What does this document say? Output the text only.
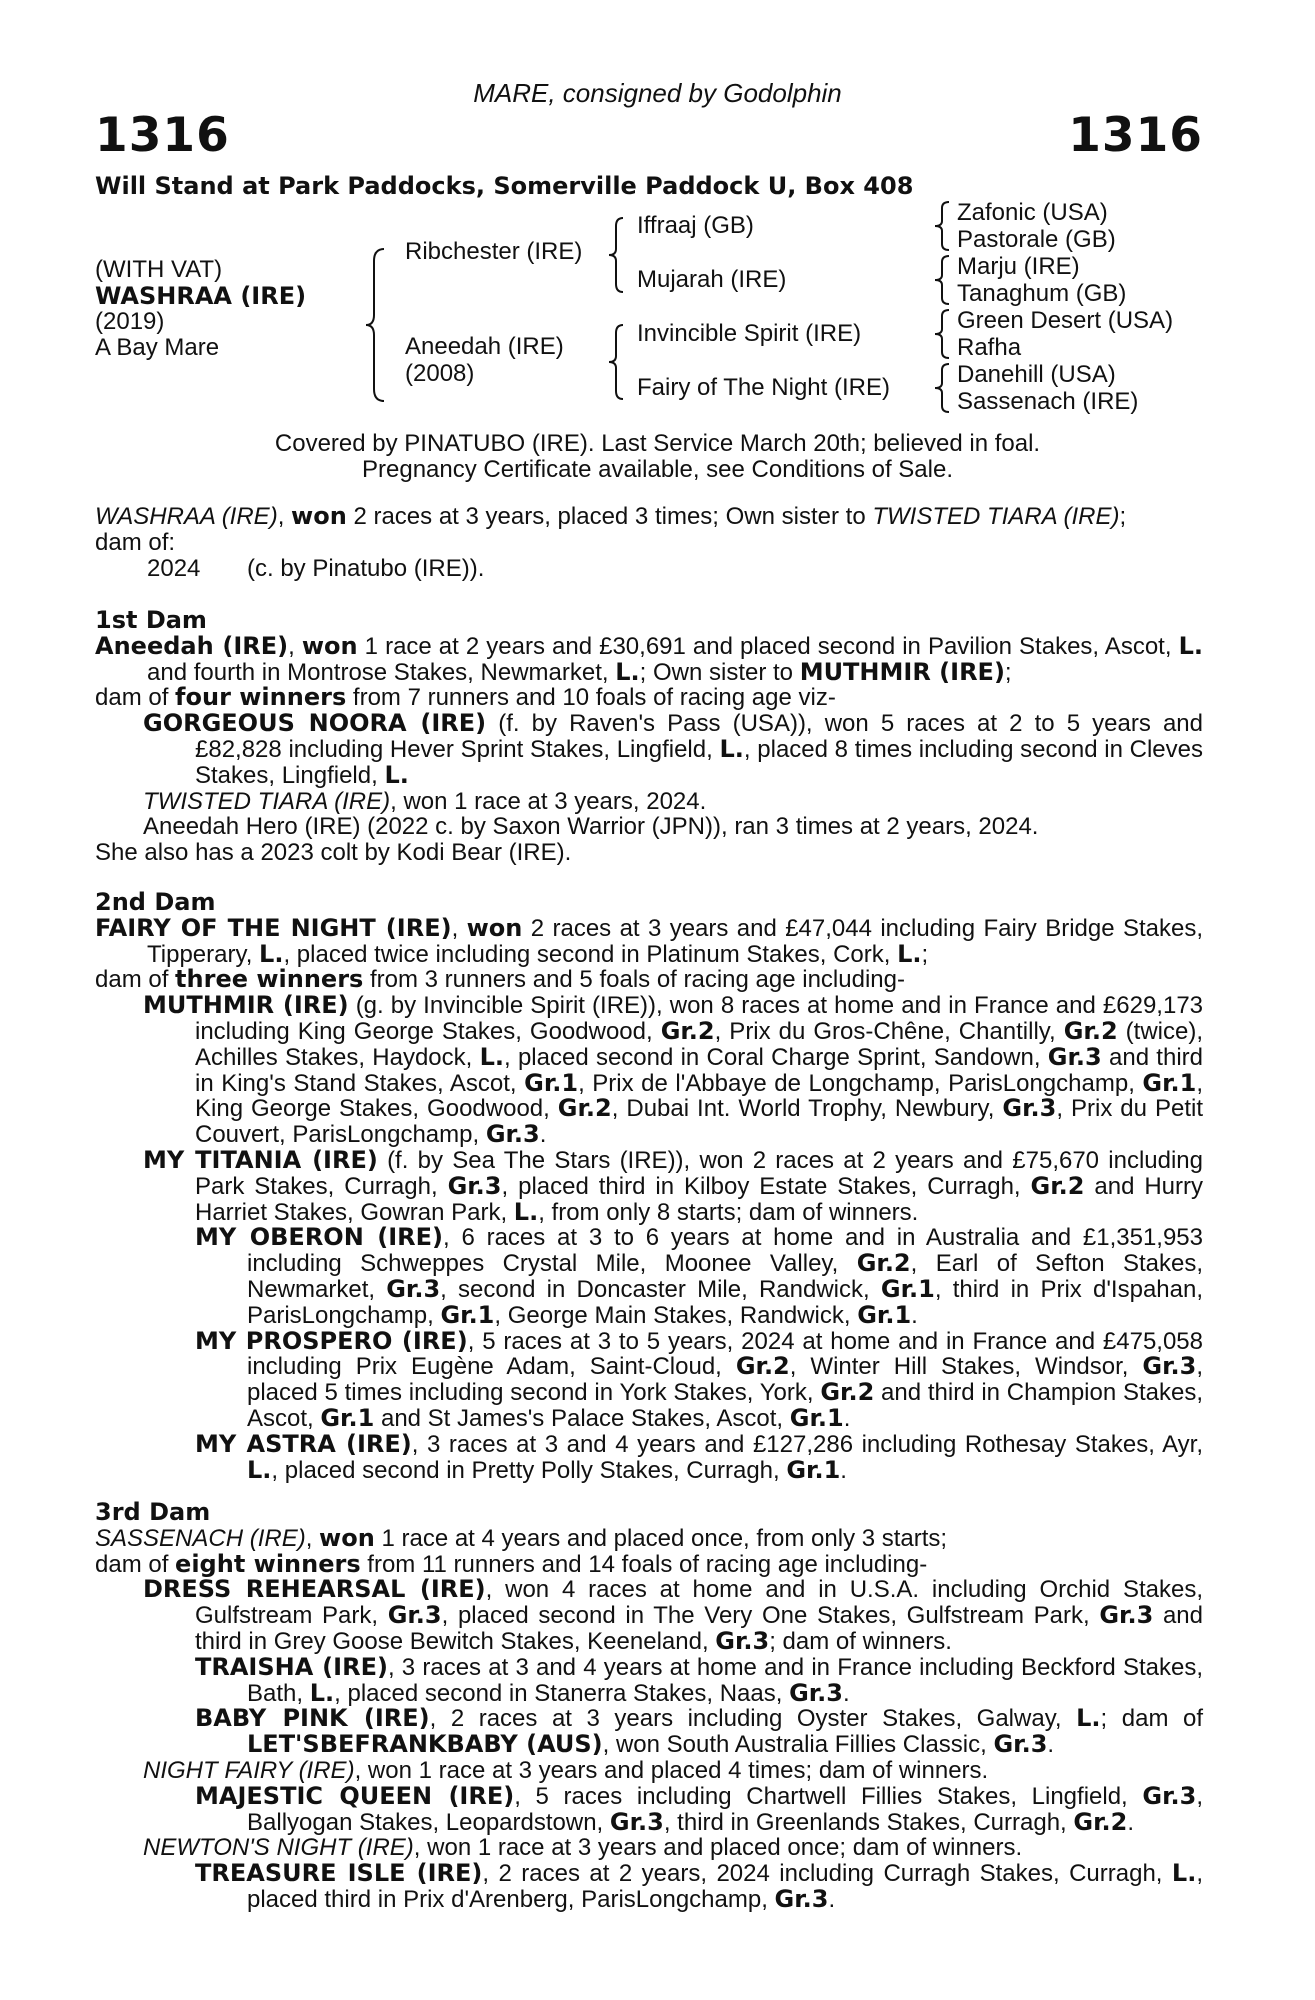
MARE, consigned by Godolphin
1316	1316
Will Stand at Park Paddocks, Somerville Paddock U, Box 408
(WITH VAT)
WASHRAA (IRE)
(2019)
A Bay Mare
Ribchester (IRE)
Aneedah (IRE)
(2008)
Iffraaj (GB)
Mujarah (IRE)
Invincible Spirit (IRE)
Fairy of The Night (IRE)
Zafonic (USA)
Pastorale (GB)
Marju (IRE)
Tanaghum (GB)
Green Desert (USA)
Rafha
Danehill (USA)
Sassenach (IRE)
Covered by PINATUBO (IRE). Last Service March 20th; believed in foal.
Pregnancy Certificate available, see Conditions of Sale.

WASHRAA (IRE), won 2 races at 3 years, placed 3 times; Own sister to TWISTED TIARA (IRE);

dam of:

2024 (c. by Pinatubo (IRE)).

1st Dam

Aneedah (IRE), won 1 race at 2 years and £30,691 and placed second in Pavilion Stakes, Ascot, L. and fourth in Montrose Stakes, Newmarket, L.; Own sister to MUTHMIR (IRE);

dam of four winners from 7 runners and 10 foals of racing age viz-

GORGEOUS NOORA (IRE) (f. by Raven's Pass (USA)), won 5 races at 2 to 5 years and £82,828 including Hever Sprint Stakes, Lingfield, L., placed 8 times including second in Cleves Stakes, Lingfield, L.

TWISTED TIARA (IRE), won 1 race at 3 years, 2024.

Aneedah Hero (IRE) (2022 c. by Saxon Warrior (JPN)), ran 3 times at 2 years, 2024.

She also has a 2023 colt by Kodi Bear (IRE).

2nd Dam

FAIRY OF THE NIGHT (IRE), won 2 races at 3 years and £47,044 including Fairy Bridge Stakes, Tipperary, L., placed twice including second in Platinum Stakes, Cork, L.;

dam of three winners from 3 runners and 5 foals of racing age including-

MUTHMIR (IRE) (g. by Invincible Spirit (IRE)), won 8 races at home and in France and £629,173 including King George Stakes, Goodwood, Gr.2, Prix du Gros-Chêne, Chantilly, Gr.2 (twice), Achilles Stakes, Haydock, L., placed second in Coral Charge Sprint, Sandown, Gr.3 and third in King's Stand Stakes, Ascot, Gr.1, Prix de l'Abbaye de Longchamp, ParisLongchamp, Gr.1, King George Stakes, Goodwood, Gr.2, Dubai Int. World Trophy, Newbury, Gr.3, Prix du Petit Couvert, ParisLongchamp, Gr.3.

MY TITANIA (IRE) (f. by Sea The Stars (IRE)), won 2 races at 2 years and £75,670 including Park Stakes, Curragh, Gr.3, placed third in Kilboy Estate Stakes, Curragh, Gr.2 and Hurry Harriet Stakes, Gowran Park, L., from only 8 starts; dam of winners.

MY OBERON (IRE), 6 races at 3 to 6 years at home and in Australia and £1,351,953 including Schweppes Crystal Mile, Moonee Valley, Gr.2, Earl of Sefton Stakes, Newmarket, Gr.3, second in Doncaster Mile, Randwick, Gr.1, third in Prix d'Ispahan, ParisLongchamp, Gr.1, George Main Stakes, Randwick, Gr.1.

MY PROSPERO (IRE), 5 races at 3 to 5 years, 2024 at home and in France and £475,058 including Prix Eugène Adam, Saint-Cloud, Gr.2, Winter Hill Stakes, Windsor, Gr.3, placed 5 times including second in York Stakes, York, Gr.2 and third in Champion Stakes, Ascot, Gr.1 and St James's Palace Stakes, Ascot, Gr.1.

MY ASTRA (IRE), 3 races at 3 and 4 years and £127,286 including Rothesay Stakes, Ayr, L., placed second in Pretty Polly Stakes, Curragh, Gr.1.

3rd Dam

SASSENACH (IRE), won 1 race at 4 years and placed once, from only 3 starts;

dam of eight winners from 11 runners and 14 foals of racing age including-

DRESS REHEARSAL (IRE), won 4 races at home and in U.S.A. including Orchid Stakes, Gulfstream Park, Gr.3, placed second in The Very One Stakes, Gulfstream Park, Gr.3 and third in Grey Goose Bewitch Stakes, Keeneland, Gr.3; dam of winners.

TRAISHA (IRE), 3 races at 3 and 4 years at home and in France including Beckford Stakes, Bath, L., placed second in Stanerra Stakes, Naas, Gr.3.

BABY PINK (IRE), 2 races at 3 years including Oyster Stakes, Galway, L.; dam of LET'SBEFRANKBABY (AUS), won South Australia Fillies Classic, Gr.3.

NIGHT FAIRY (IRE), won 1 race at 3 years and placed 4 times; dam of winners.

MAJESTIC QUEEN (IRE), 5 races including Chartwell Fillies Stakes, Lingfield, Gr.3, Ballyogan Stakes, Leopardstown, Gr.3, third in Greenlands Stakes, Curragh, Gr.2.

NEWTON'S NIGHT (IRE), won 1 race at 3 years and placed once; dam of winners.

TREASURE ISLE (IRE), 2 races at 2 years, 2024 including Curragh Stakes, Curragh, L., placed third in Prix d'Arenberg, ParisLongchamp, Gr.3.
